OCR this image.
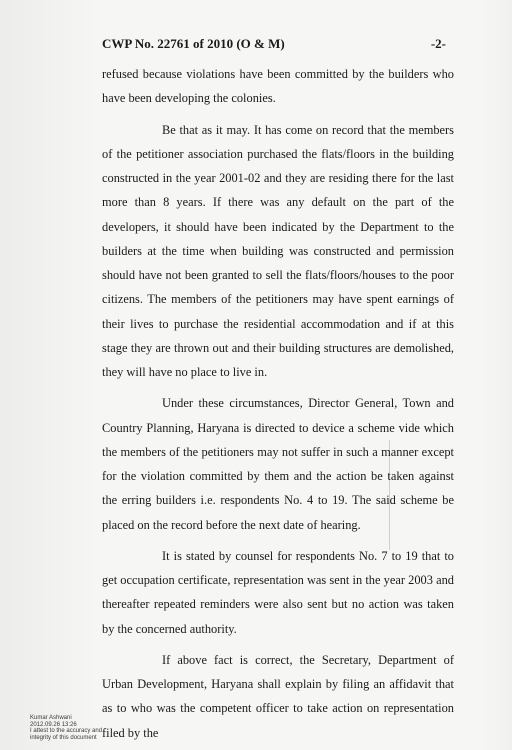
CWP No. 22761 of 2010 (O & M)	-2-

refused because violations have been committed by the builders who have been developing the colonies.

Be that as it may. It has come on record that the members of the petitioner association purchased the flats/floors in the building constructed in the year 2001-02 and they are residing there for the last more than 8 years. If there was any default on the part of the developers, it should have been indicated by the Department to the builders at the time when building was constructed and permission should have not been granted to sell the flats/floors/houses to the poor citizens. The members of the petitioners may have spent earnings of their lives to purchase the residential accommodation and if at this stage they are thrown out and their building structures are demolished, they will have no place to live in.

Under these circumstances, Director General, Town and Country Planning, Haryana is directed to device a scheme vide which the members of the petitioners may not suffer in such a manner except for the violation committed by them and the action be taken against the erring builders i.e. respondents No. 4 to 19. The said scheme be placed on the record before the next date of hearing.

It is stated by counsel for respondents No. 7 to 19 that to get occupation certificate, representation was sent in the year 2003 and thereafter repeated reminders were also sent but no action was taken by the concerned authority.

If above fact is correct, the Secretary, Department of Urban Development, Haryana shall explain by filing an affidavit that as to who was the competent officer to take action on representation filed by the

Kumar Ashwani
2012.09.26 13:26
I attest to the accuracy and
integrity of this document
